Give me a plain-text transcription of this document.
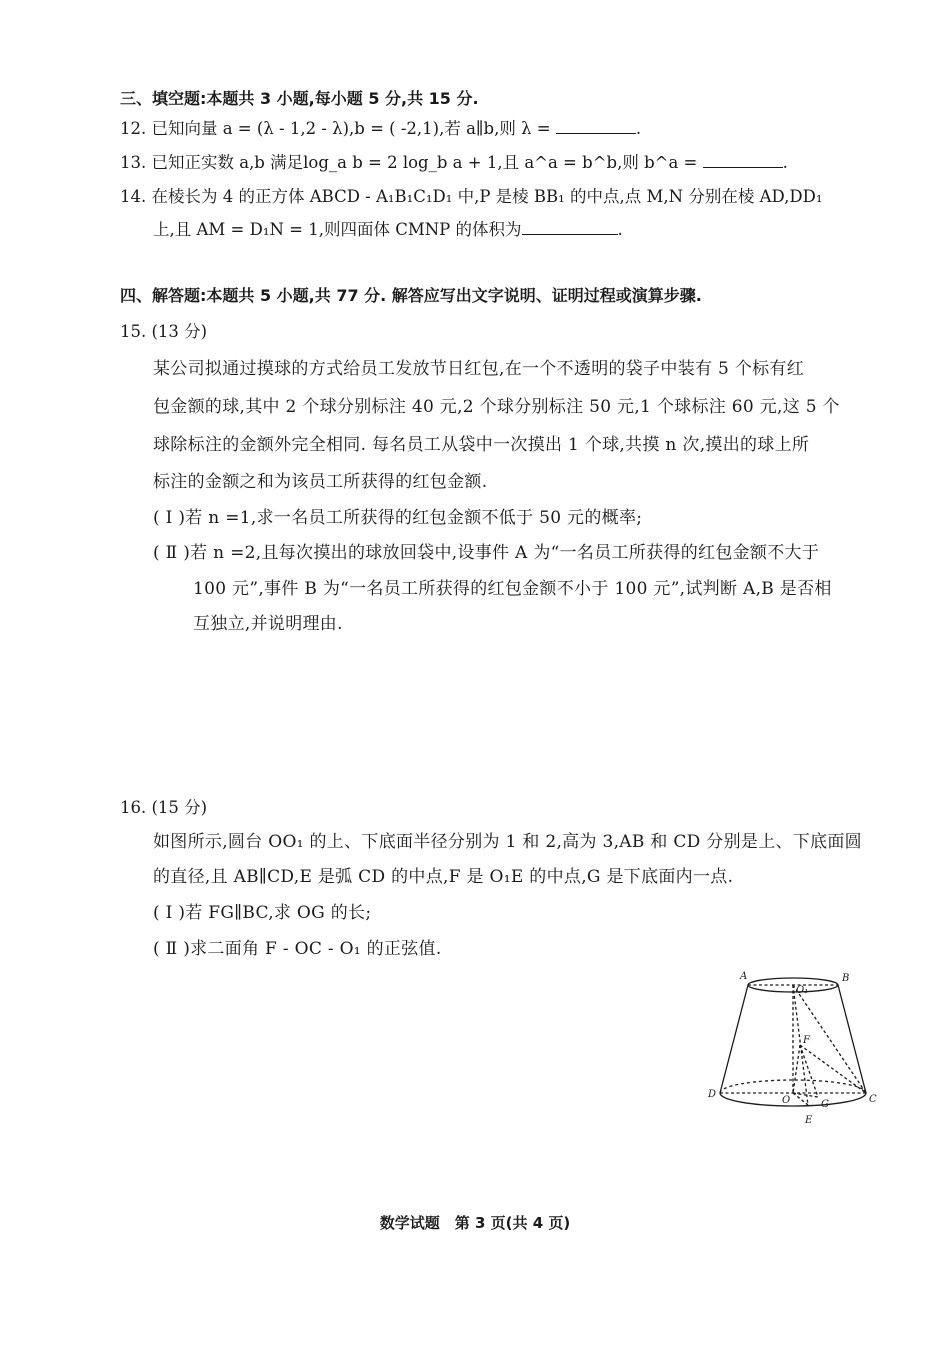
三、填空题:本题共 3 小题,每小题 5 分,共 15 分.
12. 已知向量 a = (λ - 1,2 - λ),b = ( -2,1),若 a∥b,则 λ =	.
13. 已知正实数 a,b 满足log_a b = 2 log_b a + 1,且 a^a = b^b,则 b^a =	.
14. 在棱长为 4 的正方体 ABCD - A₁B₁C₁D₁ 中,P 是棱 BB₁ 的中点,点 M,N 分别在棱 AD,DD₁
上,且 AM = D₁N = 1,则四面体 CMNP 的体积为	.
四、解答题:本题共 5 小题,共 77 分. 解答应写出文字说明、证明过程或演算步骤.
15. (13 分)
某公司拟通过摸球的方式给员工发放节日红包,在一个不透明的袋子中装有 5 个标有红
包金额的球,其中 2 个球分别标注 40 元,2 个球分别标注 50 元,1 个球标注 60 元,这 5 个
球除标注的金额外完全相同. 每名员工从袋中一次摸出 1 个球,共摸 n 次,摸出的球上所
标注的金额之和为该员工所获得的红包金额.
( Ⅰ )若 n =1,求一名员工所获得的红包金额不低于 50 元的概率;
( Ⅱ )若 n =2,且每次摸出的球放回袋中,设事件 A 为“一名员工所获得的红包金额不大于
100 元”,事件 B 为“一名员工所获得的红包金额不小于 100 元”,试判断 A,B 是否相
互独立,并说明理由.
16. (15 分)
如图所示,圆台 OO₁ 的上、下底面半径分别为 1 和 2,高为 3,AB 和 CD 分别是上、下底面圆
的直径,且 AB∥CD,E 是弧 CD 的中点,F 是 O₁E 的中点,G 是下底面内一点.
( Ⅰ )若 FG∥BC,求 OG 的长;
( Ⅱ )求二面角 F - OC - O₁ 的正弦值.
A	B
O₁
F
D
O	G	C
E
数学试题　第 3 页(共 4 页)
